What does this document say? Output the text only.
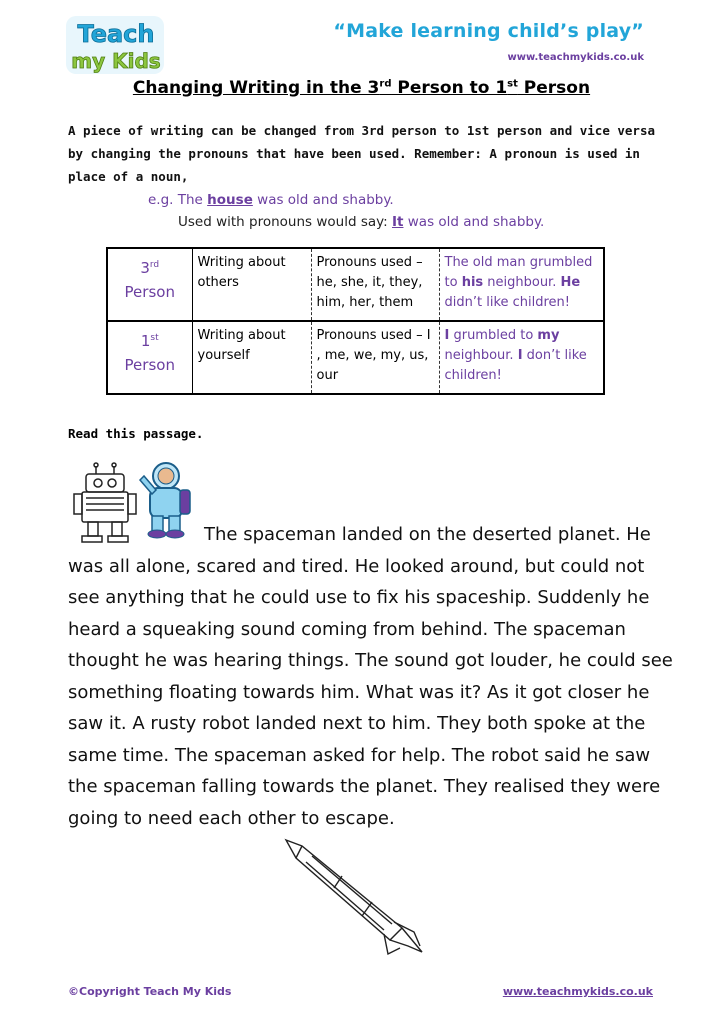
Teach
my Kids
“Make learning child’s play”
www.teachmykids.co.uk
Changing Writing in the 3rd Person to 1st Person
A piece of writing can be changed from 3rd person to 1st person and vice versa by changing the pronouns that have been used. Remember: A pronoun is used in place of a noun,
e.g. The house was old and shabby.
Used with pronouns would say: It was old and shabby.
3rd
Person	Writing about others	Pronouns used – he, she, it, they, him, her, them	The old man grumbled to his neighbour. He didn’t like children!
1st
Person	Writing about yourself	Pronouns used – I , me, we, my, us, our	I grumbled to my neighbour. I don’t like children!
Read this passage.
The spaceman landed on the deserted planet. He was all alone, scared and tired. He looked around, but could not see anything that he could use to fix his spaceship. Suddenly he heard a squeaking sound coming from behind. The spaceman thought he was hearing things. The sound got louder, he could see something floating towards him. What was it? As it got closer he saw it. A rusty robot landed next to him. They both spoke at the same time. The spaceman asked for help. The robot said he saw the spaceman falling towards the planet. They realised they were going to need each other to escape.
©Copyright Teach My Kids	www.teachmykids.co.uk
